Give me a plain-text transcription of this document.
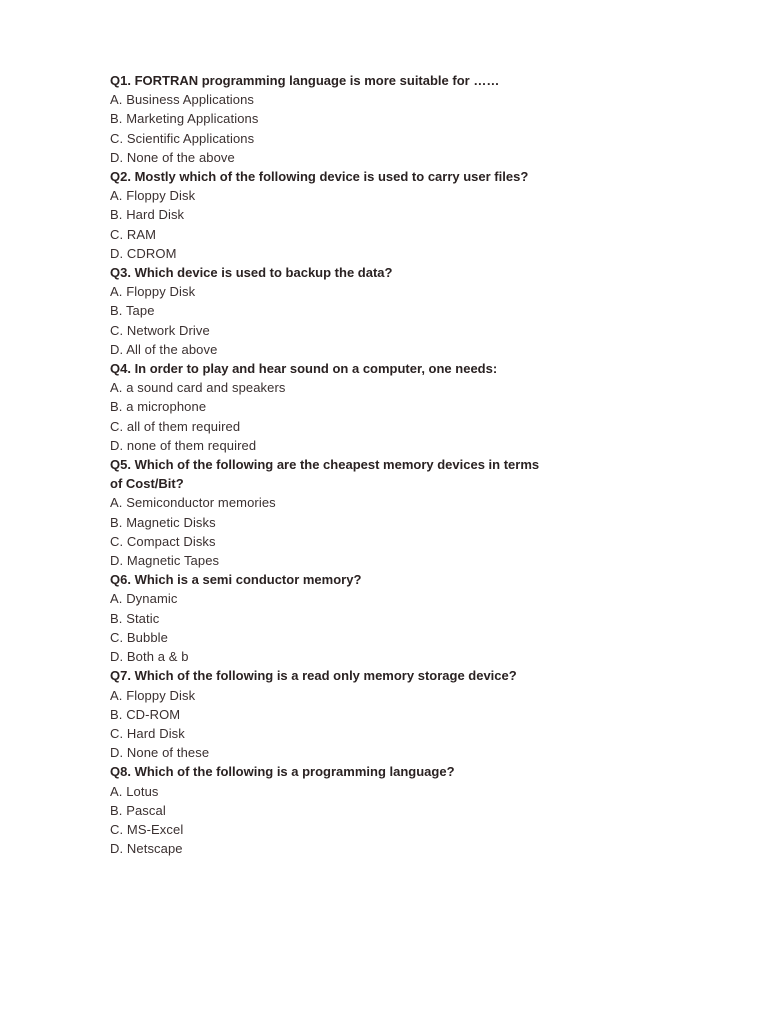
Q1. FORTRAN programming language is more suitable for ……

A. Business Applications

B. Marketing Applications

C. Scientific Applications

D. None of the above

Q2. Mostly which of the following device is used to carry user files?

A. Floppy Disk

B. Hard Disk

C. RAM

D. CDROM

Q3. Which device is used to backup the data?

A. Floppy Disk

B. Tape

C. Network Drive

D. All of the above

Q4. In order to play and hear sound on a computer, one needs:

A. a sound card and speakers

B. a microphone

C. all of them required

D. none of them required

Q5. Which of the following are the cheapest memory devices in terms

of Cost/Bit?

A. Semiconductor memories

B. Magnetic Disks

C. Compact Disks

D. Magnetic Tapes

Q6. Which is a semi conductor memory?

A. Dynamic

B. Static

C. Bubble

D. Both a & b

Q7. Which of the following is a read only memory storage device?

A. Floppy Disk

B. CD-ROM

C. Hard Disk

D. None of these

Q8. Which of the following is a programming language?

A. Lotus

B. Pascal

C. MS-Excel

D. Netscape
